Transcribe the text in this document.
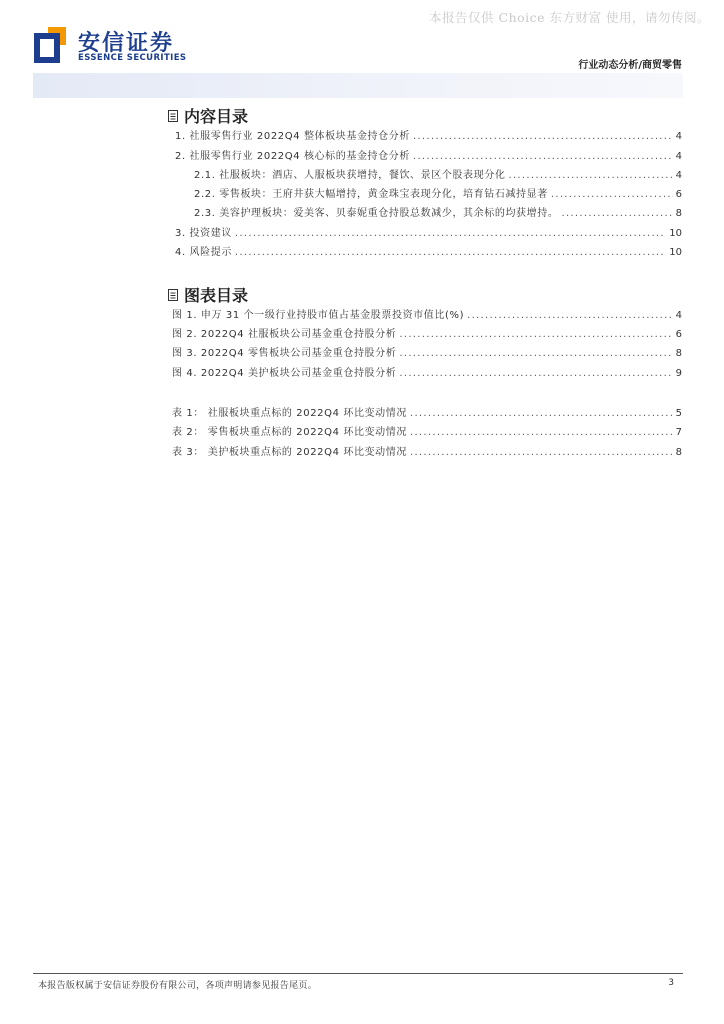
本报告仅供 Choice 东方财富 使用，请勿传阅。
安信证券
ESSENCE SECURITIES
行业动态分析/商贸零售
内容目录
1. 社服零售行业 2022Q4 整体板块基金持仓分析 .....	4
2. 社服零售行业 2022Q4 核心标的基金持仓分析 .....	4
2.1. 社服板块：酒店、人服板块获增持，餐饮、景区个股表现分化 .....	4
2.2. 零售板块：王府井获大幅增持，黄金珠宝表现分化，培育钻石减持显著 .....	6
2.3. 美容护理板块：爱美客、贝泰妮重仓持股总数减少，其余标的均获增持。 .....	8
3. 投资建议 .....	10
4. 风险提示 .....	10
图表目录
图 1. 申万 31 个一级行业持股市值占基金股票投资市值比(%) .....	4
图 2. 2022Q4 社服板块公司基金重仓持股分析 .....	6
图 3. 2022Q4 零售板块公司基金重仓持股分析 .....	8
图 4. 2022Q4 美护板块公司基金重仓持股分析 .....	9
表 1： 社服板块重点标的 2022Q4 环比变动情况 .....	5
表 2： 零售板块重点标的 2022Q4 环比变动情况 .....	7
表 3： 美护板块重点标的 2022Q4 环比变动情况 .....	8
本报告版权属于安信证券股份有限公司，各项声明请参见报告尾页。	3
